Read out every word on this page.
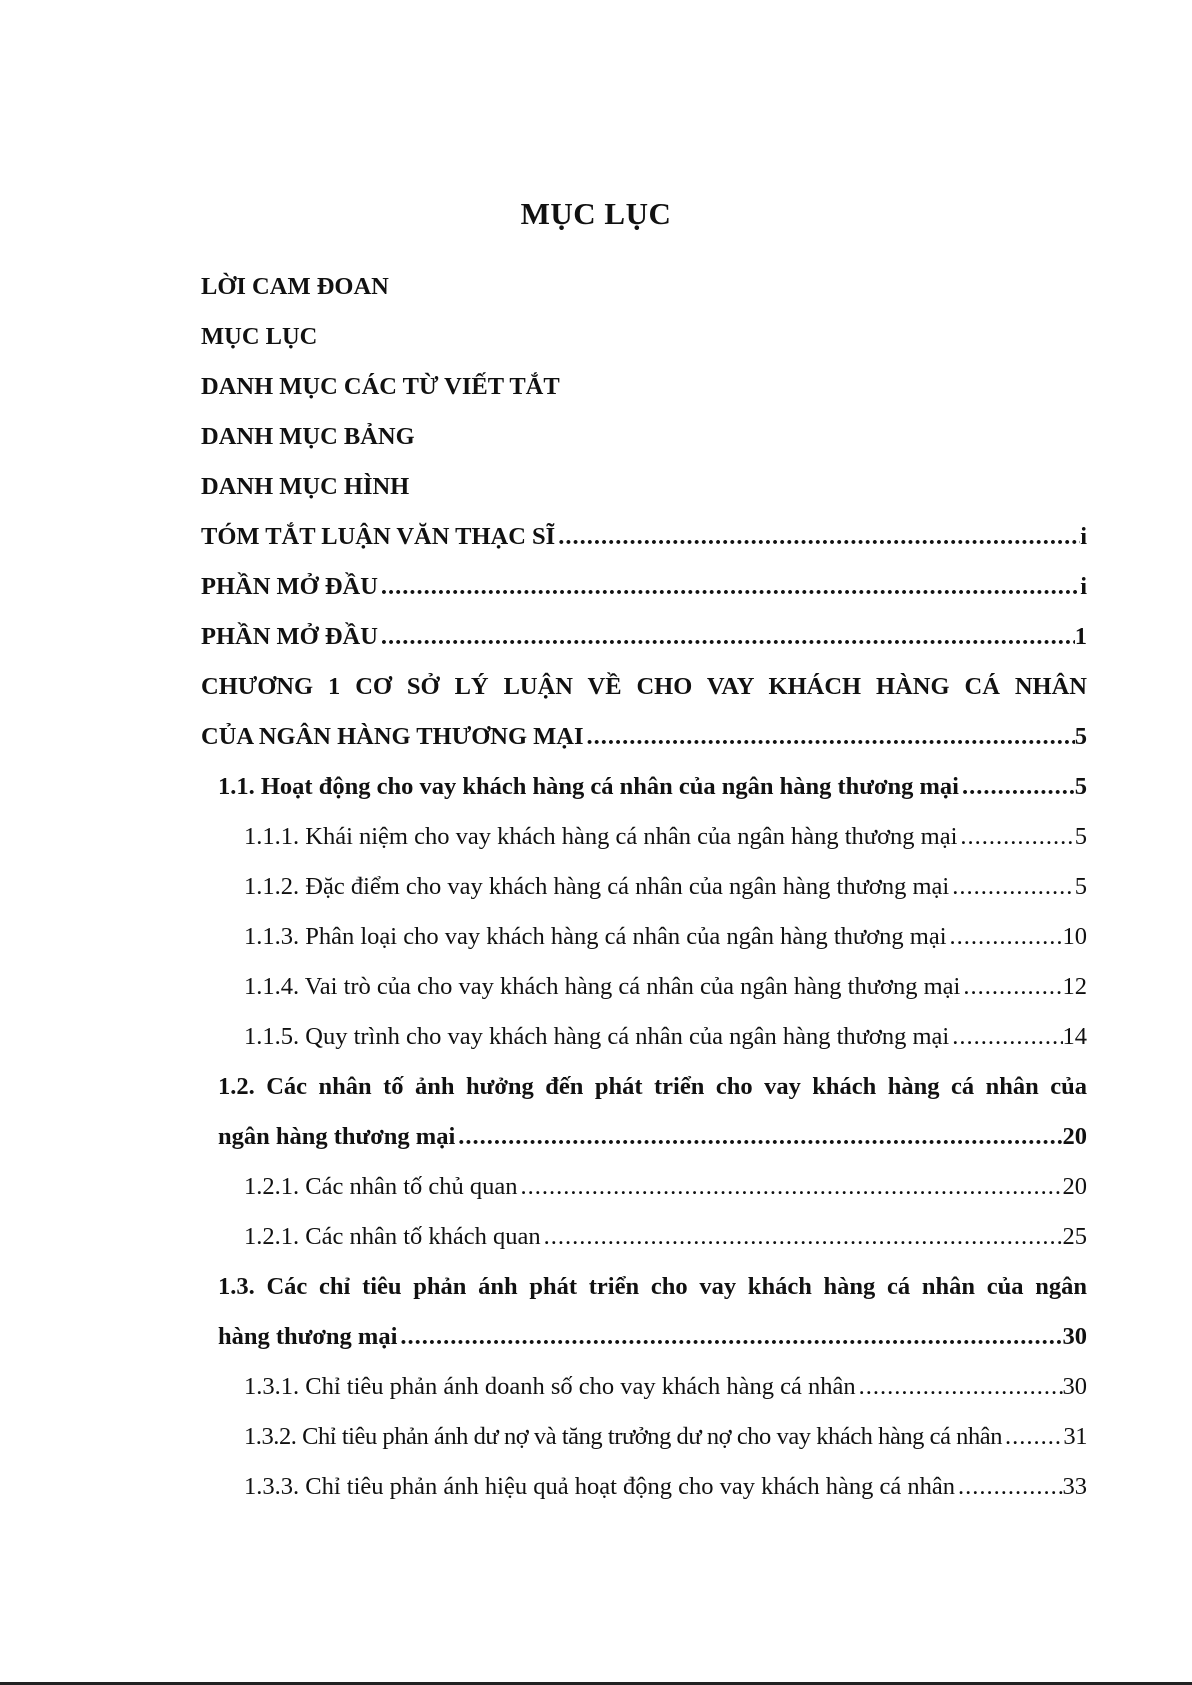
MỤC LỤC
LỜI CAM ĐOAN
MỤC LỤC
DANH MỤC CÁC TỪ VIẾT TẮT
DANH MỤC BẢNG
DANH MỤC HÌNH
TÓM TẮT LUẬN VĂN THẠC SĨ .....	i
PHẦN MỞ ĐẦU .....	i
PHẦN MỞ ĐẦU .....	1
CHƯƠNG 1 CƠ SỞ LÝ LUẬN VỀ CHO VAY KHÁCH HÀNG CÁ NHÂN
CỦA NGÂN HÀNG THƯƠNG MẠI .....	5
1.1. Hoạt động cho vay khách hàng cá nhân của ngân hàng thương mại .....	5
1.1.1. Khái niệm cho vay khách hàng cá nhân của ngân hàng thương mại .....	5
1.1.2. Đặc điểm cho vay khách hàng cá nhân của ngân hàng thương mại .....	5
1.1.3. Phân loại cho vay khách hàng cá nhân của ngân hàng thương mại .....	10
1.1.4. Vai trò của cho vay khách hàng cá nhân của ngân hàng thương mại .....	12
1.1.5. Quy trình cho vay khách hàng cá nhân của ngân hàng thương mại .....	14
1.2. Các nhân tố ảnh hưởng đến phát triển cho vay khách hàng cá nhân của
ngân hàng thương mại .....	20
1.2.1. Các nhân tố chủ quan .....	20
1.2.1. Các nhân tố khách quan .....	25
1.3. Các chỉ tiêu phản ánh phát triển cho vay khách hàng cá nhân của ngân
hàng thương mại .....	30
1.3.1. Chỉ tiêu phản ánh doanh số cho vay khách hàng cá nhân .....	30
1.3.2. Chỉ tiêu phản ánh dư nợ và tăng trưởng dư nợ cho vay khách hàng cá nhân .....	31
1.3.3. Chỉ tiêu phản ánh hiệu quả hoạt động cho vay khách hàng cá nhân .....	33
